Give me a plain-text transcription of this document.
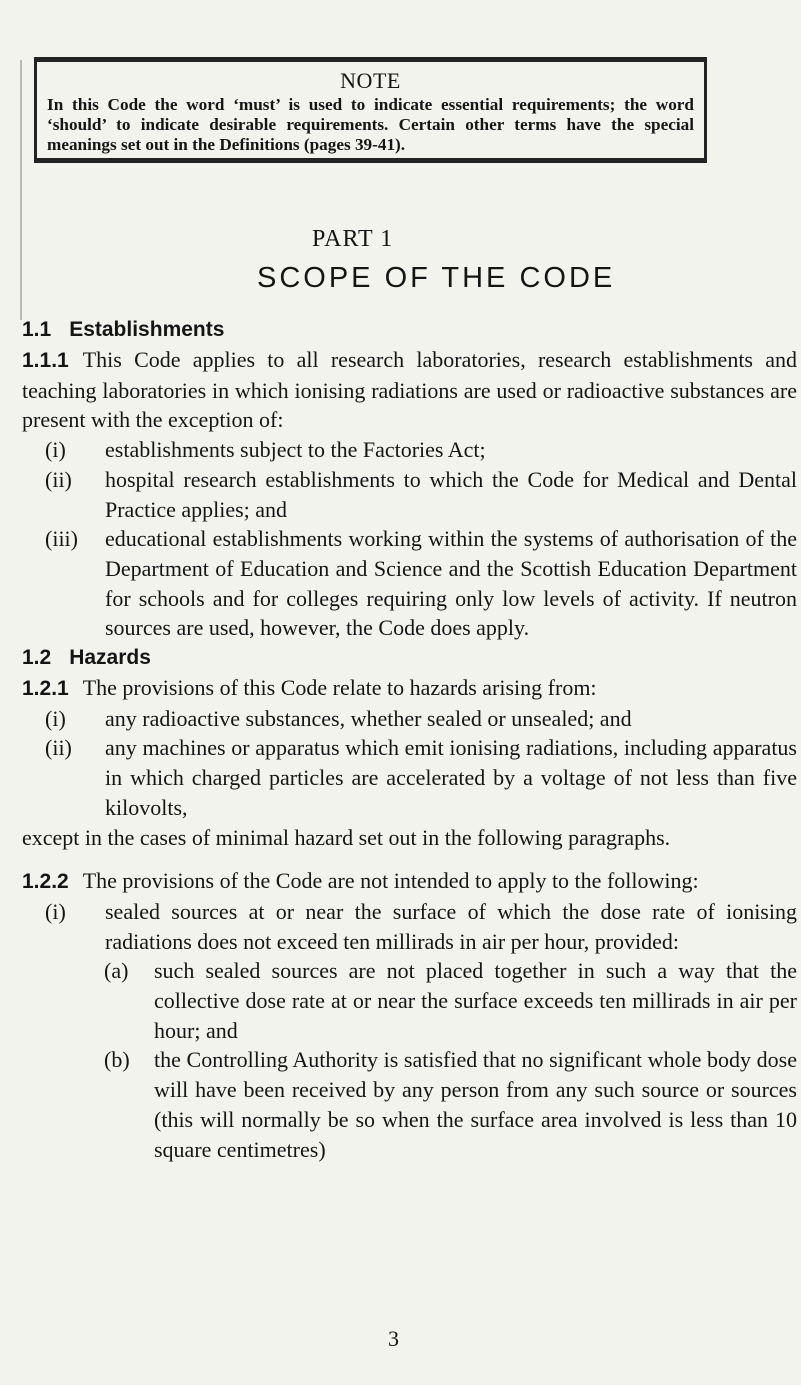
NOTE

In this Code the word ‘must’ is used to indicate essential requirements; the word ‘should’ to indicate desirable requirements. Certain other terms have the special meanings set out in the Definitions (pages 39-41).

PART 1
SCOPE OF THE CODE

1.1 Establishments

1.1.1 This Code applies to all research laboratories, research establishments and teaching laboratories in which ionising radiations are used or radioactive substances are present with the exception of:

(i) establishments subject to the Factories Act;

(ii) hospital research establishments to which the Code for Medical and Dental Practice applies; and

(iii) educational establishments working within the systems of authorisation of the Department of Education and Science and the Scottish Education Department for schools and for colleges requiring only low levels of activity. If neutron sources are used, however, the Code does apply.

1.2 Hazards

1.2.1 The provisions of this Code relate to hazards arising from:

(i) any radioactive substances, whether sealed or unsealed; and

(ii) any machines or apparatus which emit ionising radiations, including apparatus in which charged particles are accelerated by a voltage of not less than five kilovolts,

except in the cases of minimal hazard set out in the following paragraphs.

1.2.2 The provisions of the Code are not intended to apply to the following:

(i) sealed sources at or near the surface of which the dose rate of ionising radiations does not exceed ten millirads in air per hour, provided:

(a) such sealed sources are not placed together in such a way that the collective dose rate at or near the surface exceeds ten millirads in air per hour; and

(b) the Controlling Authority is satisfied that no significant whole body dose will have been received by any person from any such source or sources (this will normally be so when the surface area involved is less than 10 square centimetres)

3
